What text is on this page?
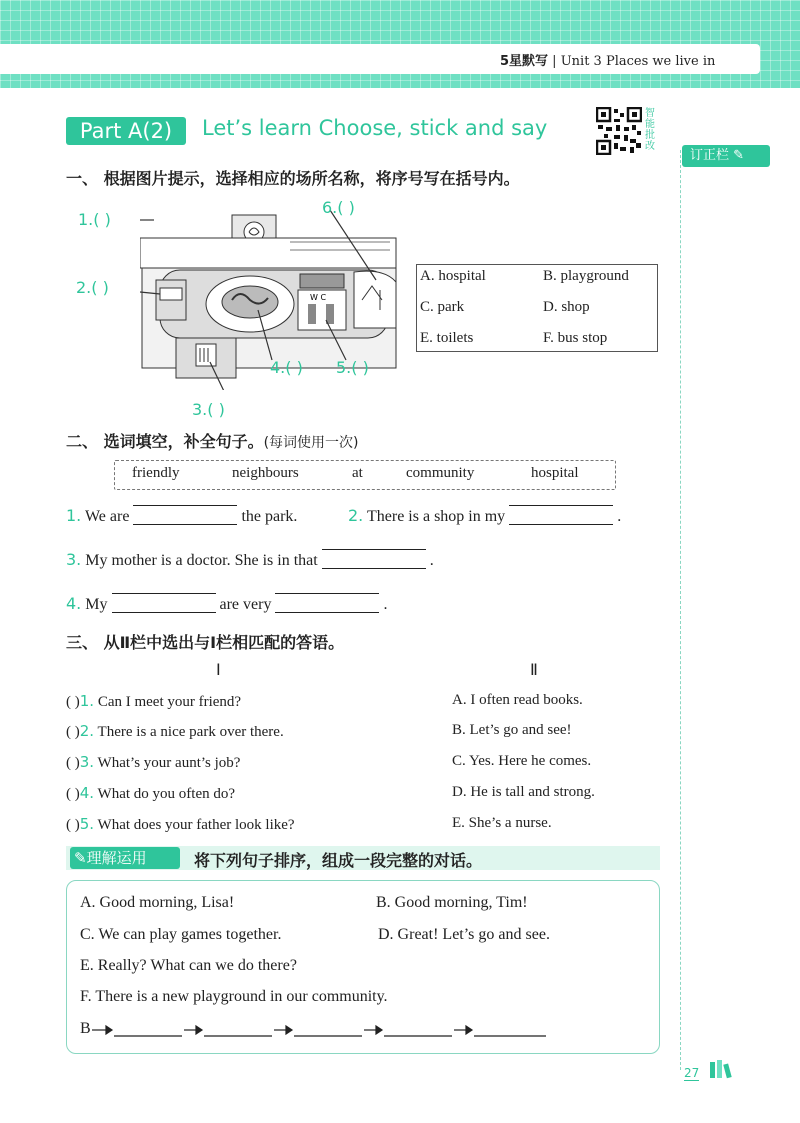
5星默写 | Unit 3 Places we live in
订正栏 ✎
Part A(2)	Let’s learn Choose, stick and say
智能批改
一、 根据图片提示，选择相应的场所名称，将序号写在括号内。
W C
1.( )
2.( )
3.( )
4.( ) 5.( )
6.( )
A. hospital	B. playground
C. park	D. shop
E. toilets	F. bus stop
二、 选词填空，补全句子。(每词使用一次)
friendly	neighbours	at	community	hospital
1. We are	the park.	2. There is a shop in my	.
3. My mother is a doctor. She is in that	.
4. My	are very	.
三、 从Ⅱ栏中选出与Ⅰ栏相匹配的答语。
Ⅰ	Ⅱ
( )1. Can I meet your friend?
( )2. There is a nice park over there.
( )3. What’s your aunt’s job?
( )4. What do you often do?
( )5. What does your father look like?
A. I often read books.
B. Let’s go and see!
C. Yes. Here he comes.
D. He is tall and strong.
E. She’s a nurse.
✎理解运用	将下列句子排序，组成一段完整的对话。
A. Good morning, Lisa!	B. Good morning, Tim!
C. We can play games together.	D. Great! Let’s go and see.
E. Really? What can we do there?
F. There is a new playground in our community.
B
27
